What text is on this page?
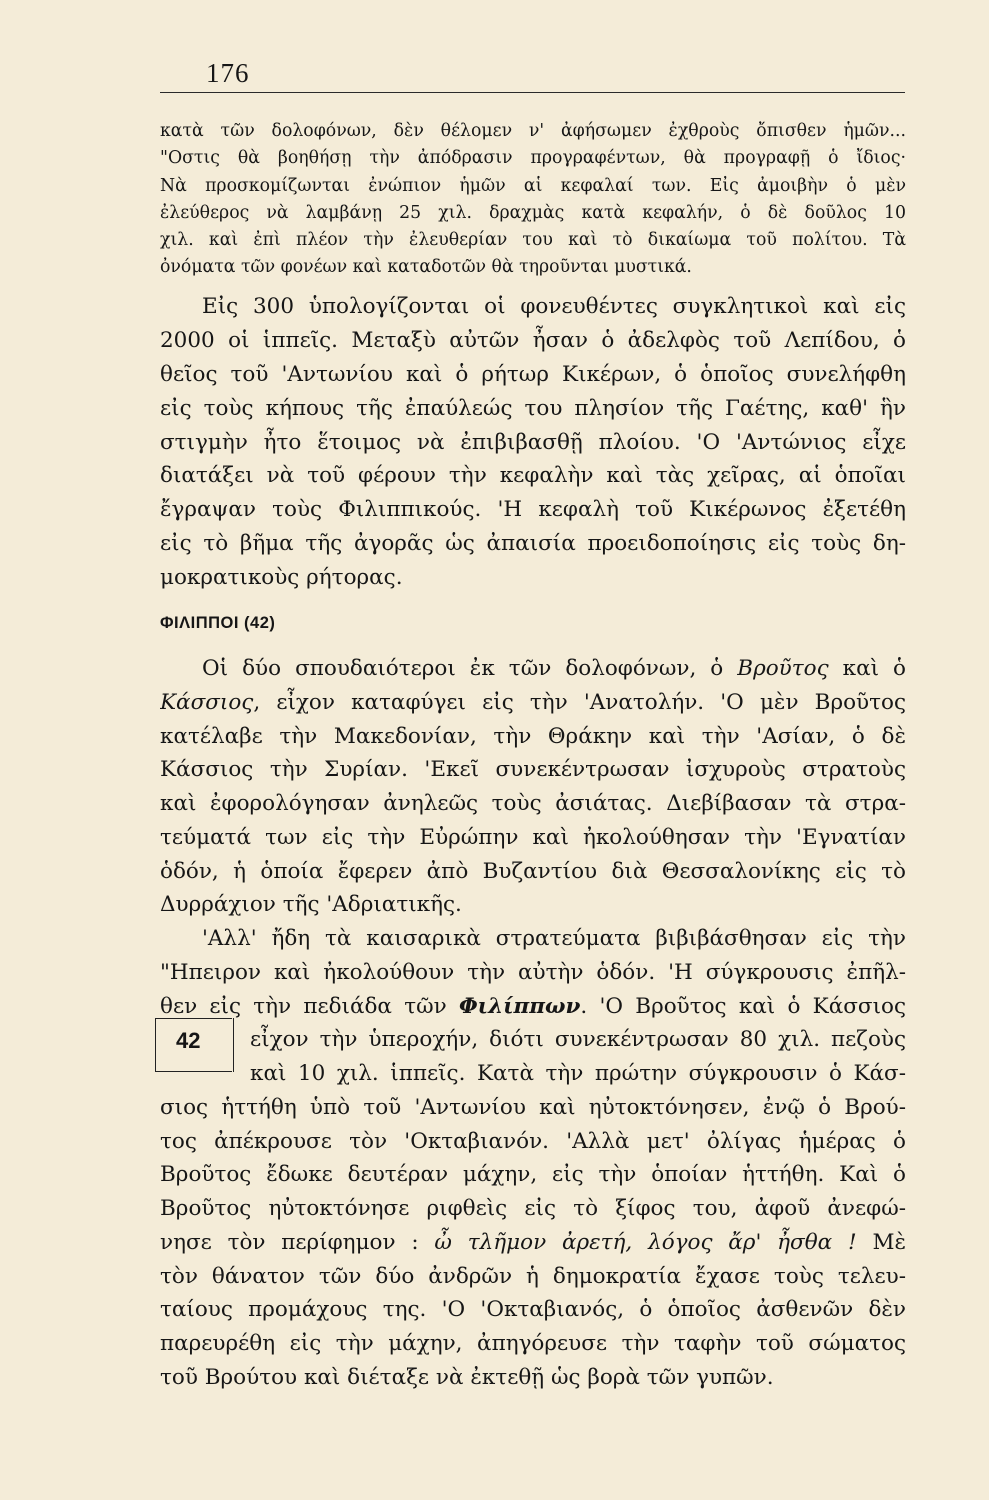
176
κατὰ τῶν δολοφόνων, δὲν θέλομεν ν' ἀφήσωμεν ἐχθροὺς ὄπισθεν ἡμῶν...
"Οστις θὰ βοηθήσῃ τὴν ἀπόδρασιν προγραφέντων, θὰ προγραφῇ ὁ ἴδιος·
Νὰ προσκομίζωνται ἐνώπιον ἡμῶν αἱ κεφαλαί των. Εἰς ἀμοιβὴν ὁ μὲν
ἐλεύθερος νὰ λαμβάνῃ 25 χιλ. δραχμὰς κατὰ κεφαλήν, ὁ δὲ δοῦλος 10
χιλ. καὶ ἐπὶ πλέον τὴν ἐλευθερίαν του καὶ τὸ δικαίωμα τοῦ πολίτου. Τὰ
ὀνόματα τῶν φονέων καὶ καταδοτῶν θὰ τηροῦνται μυστικά.
Εἰς 300 ὑπολογίζονται οἱ φονευθέντες συγκλητικοὶ καὶ εἰς
2000 οἱ ἱππεῖς. Μεταξὺ αὐτῶν ἦσαν ὁ ἀδελφὸς τοῦ Λεπίδου, ὁ
θεῖος τοῦ 'Αντωνίου καὶ ὁ ρήτωρ Κικέρων, ὁ ὁποῖος συνελήφθη
εἰς τοὺς κήπους τῆς ἐπαύλεώς του πλησίον τῆς Γαέτης, καθ' ἣν
στιγμὴν ἦτο ἕτοιμος νὰ ἐπιβιβασθῇ πλοίου. 'Ο 'Αντώνιος εἶχε
διατάξει νὰ τοῦ φέρουν τὴν κεφαλὴν καὶ τὰς χεῖρας, αἱ ὁποῖαι
ἔγραψαν τοὺς Φιλιππικούς. 'Η κεφαλὴ τοῦ Κικέρωνος ἐξετέθη
εἰς τὸ βῆμα τῆς ἀγορᾶς ὡς ἀπαισία προειδοποίησις εἰς τοὺς δη-
μοκρατικοὺς ρήτορας.
ΦΙΛΙΠΠΟΙ (42)
Οἱ δύο σπουδαιότεροι ἐκ τῶν δολοφόνων, ὁ Βροῦτος καὶ ὁ
Κάσσιος, εἶχον καταφύγει εἰς τὴν 'Ανατολήν. 'Ο μὲν Βροῦτος
κατέλαβε τὴν Μακεδονίαν, τὴν Θράκην καὶ τὴν 'Ασίαν, ὁ δὲ
Κάσσιος τὴν Συρίαν. 'Εκεῖ συνεκέντρωσαν ἰσχυροὺς στρατοὺς
καὶ ἐφορολόγησαν ἀνηλεῶς τοὺς ἀσιάτας. Διεβίβασαν τὰ στρα-
τεύματά των εἰς τὴν Εὐρώπην καὶ ἠκολούθησαν τὴν 'Εγνατίαν
ὁδόν, ἡ ὁποία ἔφερεν ἀπὸ Βυζαντίου διὰ Θεσσαλονίκης εἰς τὸ
Δυρράχιον τῆς 'Αδριατικῆς.
'Αλλ' ἤδη τὰ καισαρικὰ στρατεύματα βιβιβάσθησαν εἰς τὴν
"Ηπειρον καὶ ἠκολούθουν τὴν αὐτὴν ὁδόν. 'Η σύγκρουσις ἐπῆλ-
θεν εἰς τὴν πεδιάδα τῶν Φιλίππων. 'Ο Βροῦτος καὶ ὁ Κάσσιος
εἶχον τὴν ὑπεροχήν, διότι συνεκέντρωσαν 80 χιλ. πεζοὺς
καὶ 10 χιλ. ἱππεῖς. Κατὰ τὴν πρώτην σύγκρουσιν ὁ Κάσ-
σιος ἡττήθη ὑπὸ τοῦ 'Αντωνίου καὶ ηὐτοκτόνησεν, ἐνῷ ὁ Βρού-
τος ἀπέκρουσε τὸν 'Οκταβιανόν. 'Αλλὰ μετ' ὀλίγας ἡμέρας ὁ
Βροῦτος ἔδωκε δευτέραν μάχην, εἰς τὴν ὁποίαν ἡττήθη. Καὶ ὁ
Βροῦτος ηὐτοκτόνησε ριφθεὶς εἰς τὸ ξίφος του, ἀφοῦ ἀνεφώ-
νησε τὸν περίφημον : ὦ τλῆμον ἀρετή, λόγος ἄρ' ἦσθα ! Μὲ
τὸν θάνατον τῶν δύο ἀνδρῶν ἡ δημοκρατία ἔχασε τοὺς τελευ-
ταίους προμάχους της. 'Ο 'Οκταβιανός, ὁ ὁποῖος ἀσθενῶν δὲν
παρευρέθη εἰς τὴν μάχην, ἀπηγόρευσε τὴν ταφὴν τοῦ σώματος
τοῦ Βρούτου καὶ διέταξε νὰ ἐκτεθῇ ὡς βορὰ τῶν γυπῶν.
42
